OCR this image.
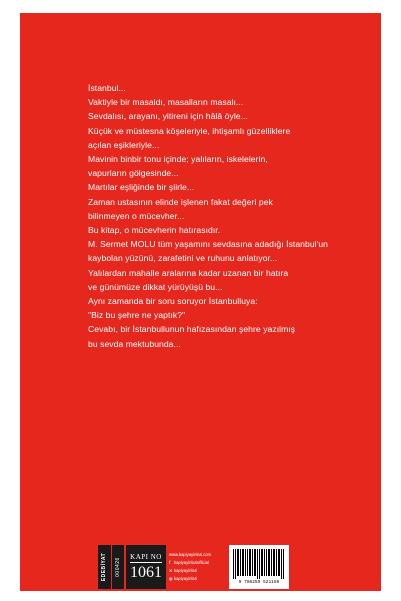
İstanbul...
Vaktiyle bir masaldı, masalların masalı...
Sevdalısı, arayanı, yitireni için hâlâ öyle...
Küçük ve müstesna köşeleriyle, ihtişamlı güzelliklere
açılan eşikleriyle...
Mavinin binbir tonu içinde; yalıların, iskelelerin,
vapurların gölgesinde...
Martılar eşliğinde bir şiirle...
Zaman ustasının elinde işlenen fakat değeri pek
bilinmeyen o mücevher...
Bu kitap, o mücevherin hatırasıdır.
M. Sermet MOLU tüm yaşamını sevdasına adadığı İstanbul'un
kaybolan yüzünü, zarafetini ve ruhunu anlatıyor...
Yalılardan mahalle aralarına kadar uzanan bir hatıra
ve günümüze dikkat yürüyüşü bu...
Aynı zamanda bir soru soruyor İstanbulluya:
"Biz bu şehre ne yaptık?"
Cevabı, bir İstanbullunun hafızasından şehre yazılmış
bu sevda mektubunda...
EDEBİYAT 000426
KAPI NO
1061
www.kapiyayinlari.com
f kapiyayinlariofficial
✕kapiyayinlari
◎kapiyayinlari
9 786259 521159
